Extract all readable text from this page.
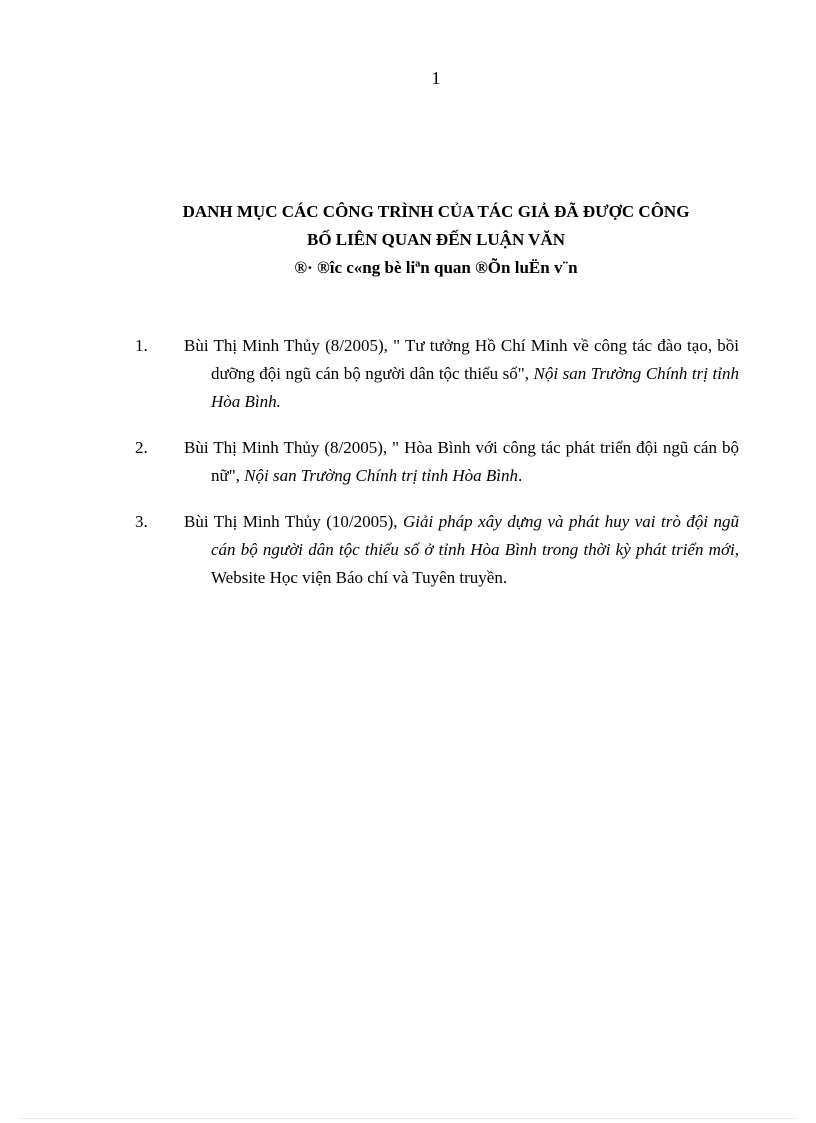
1
DANH MỤC CÁC CÔNG TRÌNH CỦA TÁC GIẢ ĐÃ ĐƯỢC CÔNG
BỐ LIÊN QUAN ĐẾN LUẬN VĂN
®· ®îc c«ng bè liªn quan ®Õn luËn v¨n
1.	Bùi Thị Minh Thủy (8/2005), " Tư tưởng Hồ Chí Minh về công tác đào tạo, bồi dưỡng đội ngũ cán bộ người dân tộc thiểu số", Nội san Trường Chính trị tỉnh Hòa Bình.
2.	Bùi Thị Minh Thủy (8/2005), " Hòa Bình với công tác phát triển đội ngũ cán bộ nữ", Nội san Trường Chính trị tỉnh Hòa Bình.
3.	Bùi Thị Minh Thủy (10/2005), Giải pháp xây dựng và phát huy vai trò đội ngũ cán bộ người dân tộc thiểu số ở tỉnh Hòa Bình trong thời kỳ phát triển mới, Website Học viện Báo chí và Tuyên truyền.
